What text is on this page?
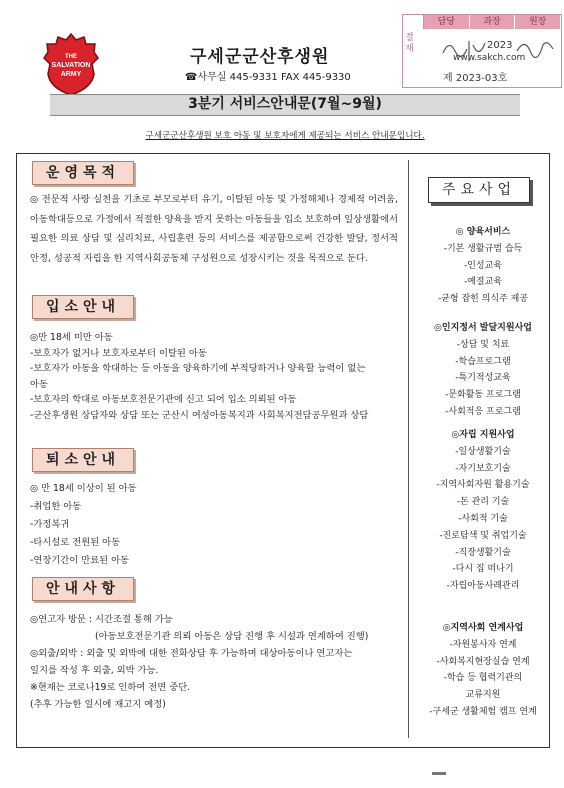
THE
SALVATION
ARMY
구세군군산후생원
☎사무실 445-9331 FAX 445-9330
담당	과장	원장
결재	2023
www.sakch.com
제 2023-03호
3분기 서비스안내문(7월~9월)
구세군군산후생원 보호 아동 및 보호자에게 제공되는 서비스 안내문입니다.
운영목적
◎ 전문적 사랑 실천을 기초로 부모로부터 유기, 이탈된 아동 및 가정해체나 경제적 어려움, 아동학대등으로 가정에서 적절한 양육을 받지 못하는 아동들을 입소 보호하여 일상생활에서 필요한 의료 상담 및 심리치료, 사립훈련 등의 서비스를 제공함으로써 건강한 발달, 정서적 안정, 성공적 자립을 한 지역사회공동체 구성원으로 성장시키는 것을 목적으로 둔다.
입소안내
◎만 18세 미만 아동
-보호자가 없거나 보호자로부터 이탈된 아동
-보호자가 아동을 학대하는 등 아동을 양육하기에 부적당하거나 양육할 능력이 없는
아동
-보호자의 학대로 아동보호전문기관에 신고 되어 입소 의뢰된 아동
-군산후생원 상담자와 상담 또는 군산시 여성아동복지과 사회복지전담공무원과 상담
퇴소안내
◎ 만 18세 이상이 된 아동
-취업한 아동
-가정복귀
-타시설로 전원된 아동
-연장기간이 만료된 아동
안내사항
◎연고자 방문 : 시간조절 통해 가능
(아동보호전문기관 의뢰 아동은 상담 진행 후 시설과 연계하여 진행)
◎외출/외박 : 외출 및 외박에 대한 전화상담 후 가능하며 대상아동이나 연고자는
일지를 작성 후 외출, 외박 가능.
※현재는 코로나19로 인하여 전면 중단.
(추후 가능한 일시에 재고지 예정)
주요사업
◎ 양육서비스
-기본 생활규범 습득
-인성교육
-예절교육
-균형 잡힌 의식주 제공
◎인지정서 발달지원사업
-상담 및 치료
-학습프로그램
-특기적성교육
-문화활동 프로그램
-사회적응 프로그램
◎자립 지원사업
-일상생활기술
-자기보호기술
-지역사회자원 활용기술
-돈 관리 기술
-사회적 기술
-진로탐색 및 취업기술
-직장생활기술
-다시 집 떠나기
-자립아동사례관리
◎지역사회 연계사업
-자원봉사자 연계
-사회복지현장실습 연계
-학습 등 협력기관의
교류지원
-구세군 생활체험 캠프 연계
